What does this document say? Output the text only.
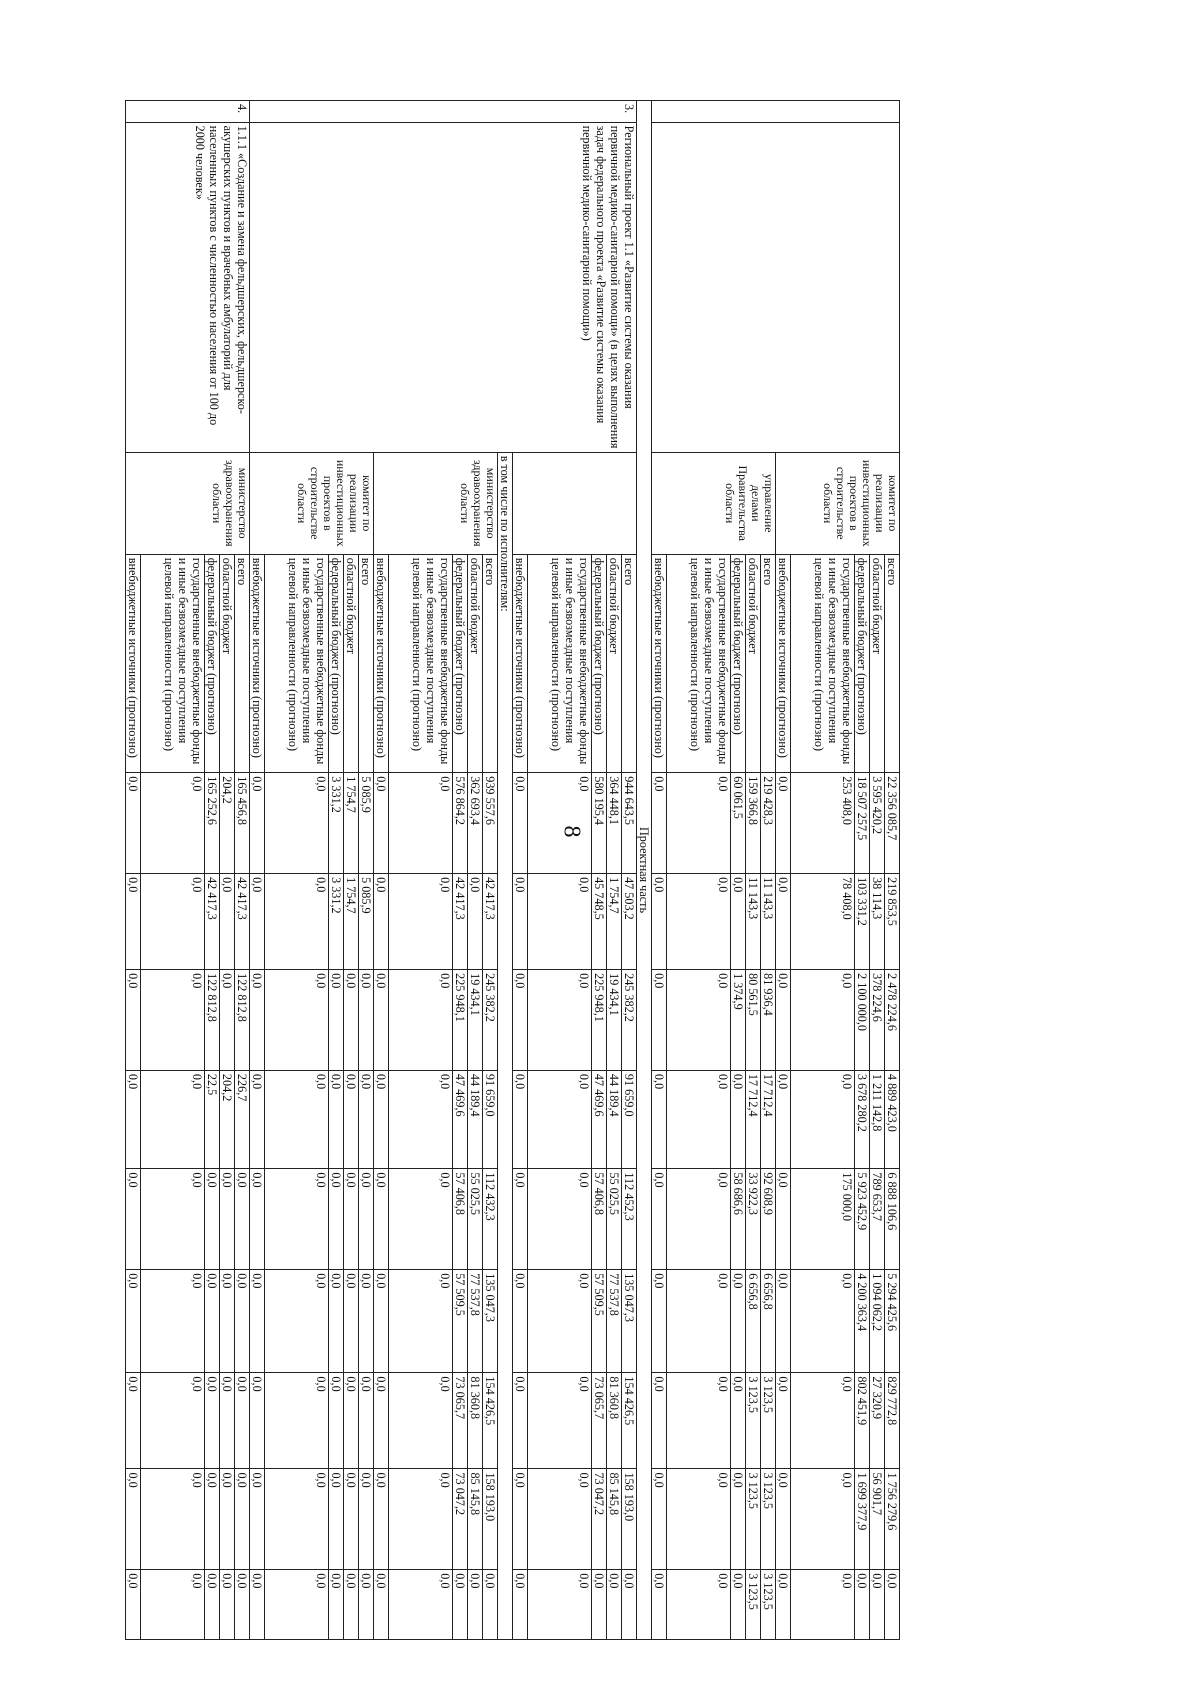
8
		комитет по реализации инвестиционных проектов в строительстве области	всего	22 356 085,7	219 853,5	2 478 224,6	4 889 423,0	6 888 106,6	5 294 425,6	829 772,8	1 756 279,6	0,0
			областной бюджет	3 595 420,2	38 114,3	378 224,6	1 211 142,8	789 653,7	1 094 062,2	27 320,9	56 901,7	0,0
			федеральный бюджет (прогнозно)	18 507 257,5	103 331,2	2 100 000,0	3 678 280,2	5 923 452,9	4 200 363,4	802 451,9	1 699 377,9	0,0
			государственные внебюджетные фонды и иные безвозмездные поступления целевой направленности (прогнозно)	253 408,0	78 408,0	0,0	0,0	175 000,0	0,0	0,0	0,0	0,0
			внебюджетные источники (прогнозно)	0,0	0,0	0,0	0,0	0,0	0,0	0,0	0,0	0,0
		управление делами Правительства области	всего	219 428,3	11 143,3	81 936,4	17 712,4	92 608,9	6 656,8	3 123,5	3 123,5	3 123,5
			областной бюджет	159 366,8	11 143,3	80 561,5	17 712,4	33 922,3	6 656,8	3 123,5	3 123,5	3 123,5
			федеральный бюджет (прогнозно)	60 061,5	0,0	1 374,9	0,0	58 686,6	0,0	0,0	0,0	0,0
			государственные внебюджетные фонды и иные безвозмездные поступления целевой направленности (прогнозно)	0,0	0,0	0,0	0,0	0,0	0,0	0,0	0,0	0,0
			внебюджетные источники (прогнозно)	0,0	0,0	0,0	0,0	0,0	0,0	0,0	0,0	0,0
Проектная часть												
3.	Региональный проект 1.1 «Развитие системы оказания первичной медико-санитарной помощи» (в целях выполнения задач федерального проекта «Развитие системы оказания первичной медико-санитарной помощи»)		всего	944 643,5	47 503,2	245 382,2	91 659,0	112 452,3	135 047,3	154 426,5	158 193,0	0,0
			областной бюджет	364 448,1	1 754,7	19 434,1	44 189,4	55 025,5	77 537,8	81 360,8	85 145,8	0,0
			федеральный бюджет (прогнозно)	580 195,4	45 748,5	225 948,1	47 469,6	57 406,8	57 509,5	73 065,7	73 047,2	0,0
			государственные внебюджетные фонды и иные безвозмездные поступления целевой направленности (прогнозно)	0,0	0,0	0,0	0,0	0,0	0,0	0,0	0,0	0,0
			внебюджетные источники (прогнозно)	0,0	0,0	0,0	0,0	0,0	0,0	0,0	0,0	0,0
		в том числе по исполнителям:										
		министерство здравоохранения области	всего	939 557,6	42 417,3	245 382,2	91 659,0	112 432,3	135 047,3	154 426,5	158 193,0	0,0
			областной бюджет	362 693,4	0,0	19 434,1	44 189,4	55 025,5	77 537,8	81 360,8	85 145,8	0,0
			федеральный бюджет (прогнозно)	576 864,2	42 417,3	225 948,1	47 469,6	57 406,8	57 509,5	73 065,7	73 047,2	0,0
			государственные внебюджетные фонды и иные безвозмездные поступления целевой направленности (прогнозно)	0,0	0,0	0,0	0,0	0,0	0,0	0,0	0,0	0,0
			внебюджетные источники (прогнозно)	0,0	0,0	0,0	0,0	0,0	0,0	0,0	0,0	0,0
		комитет по реализации инвестиционных проектов в строительстве области	всего	5 085,9	5 085,9	0,0	0,0	0,0	0,0	0,0	0,0	0,0
			областной бюджет	1 754,7	1 754,7	0,0	0,0	0,0	0,0	0,0	0,0	0,0
			федеральный бюджет (прогнозно)	3 331,2	3 331,2	0,0	0,0	0,0	0,0	0,0	0,0	0,0
			государственные внебюджетные фонды и иные безвозмездные поступления целевой направленности (прогнозно)	0,0	0,0	0,0	0,0	0,0	0,0	0,0	0,0	0,0
			внебюджетные источники (прогнозно)	0,0	0,0	0,0	0,0	0,0	0,0	0,0	0,0	0,0
4.	1.1.1 «Создание и замена фельдшерских, фельдшерско-акушерских пунктов и врачебных амбулаторий для населенных пунктов с численностью населения от 100 до 2000 человек»	министерство здравоохранения области	всего	165 456,8	42 417,3	122 812,8	226,7	0,0	0,0	0,0	0,0	0,0
			областной бюджет	204,2	0,0	0,0	204,2	0,0	0,0	0,0	0,0	0,0
			федеральный бюджет (прогнозно)	165 252,6	42 417,3	122 812,8	22,5	0,0	0,0	0,0	0,0	0,0
			государственные внебюджетные фонды и иные безвозмездные поступления целевой направленности (прогнозно)	0,0	0,0	0,0	0,0	0,0	0,0	0,0	0,0	0,0
			внебюджетные источники (прогнозно)	0,0	0,0	0,0	0,0	0,0	0,0	0,0	0,0	0,0
